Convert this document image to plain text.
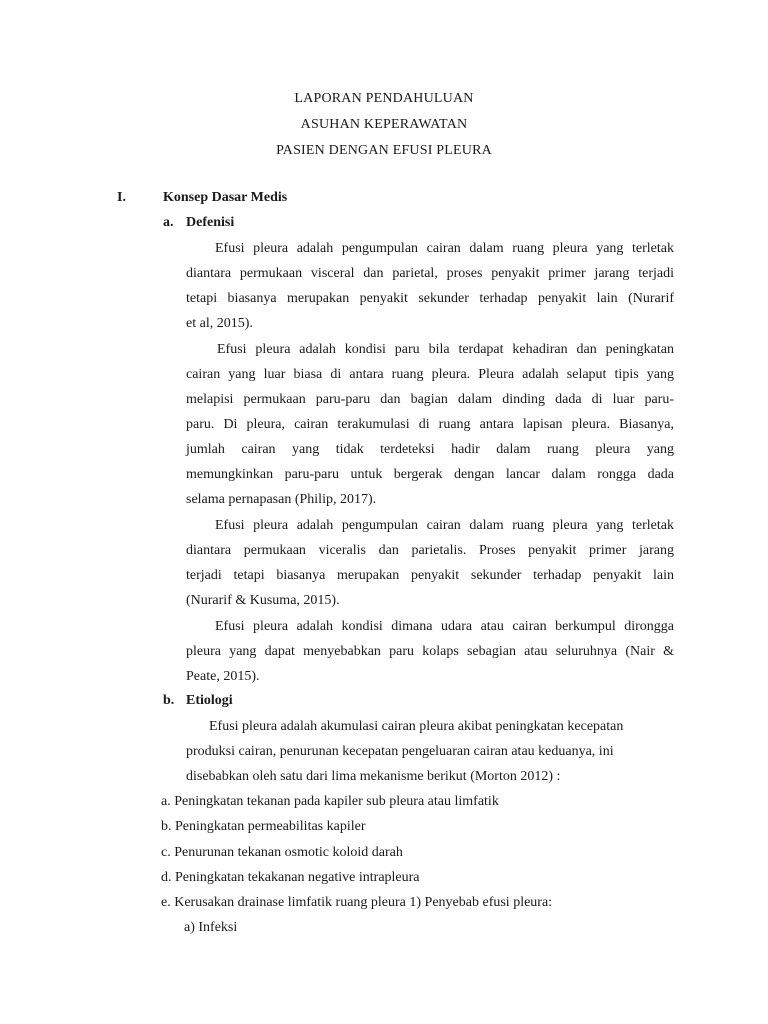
LAPORAN PENDAHULUAN
ASUHAN KEPERAWATAN
PASIEN DENGAN EFUSI PLEURA
I.	Konsep Dasar Medis
a. Defenisi
Efusi pleura adalah pengumpulan cairan dalam ruang pleura yang terletak
diantara permukaan visceral dan parietal, proses penyakit primer jarang terjadi
tetapi biasanya merupakan penyakit sekunder terhadap penyakit lain (Nurarif
et al, 2015).
Efusi pleura adalah kondisi paru bila terdapat kehadiran dan peningkatan
cairan yang luar biasa di antara ruang pleura. Pleura adalah selaput tipis yang
melapisi permukaan paru-paru dan bagian dalam dinding dada di luar paru-
paru. Di pleura, cairan terakumulasi di ruang antara lapisan pleura. Biasanya,
jumlah cairan yang tidak terdeteksi hadir dalam ruang pleura yang
memungkinkan paru-paru untuk bergerak dengan lancar dalam rongga dada
selama pernapasan (Philip, 2017).
Efusi pleura adalah pengumpulan cairan dalam ruang pleura yang terletak
diantara permukaan viceralis dan parietalis. Proses penyakit primer jarang
terjadi tetapi biasanya merupakan penyakit sekunder terhadap penyakit lain
(Nurarif & Kusuma, 2015).
Efusi pleura adalah kondisi dimana udara atau cairan berkumpul dirongga
pleura yang dapat menyebabkan paru kolaps sebagian atau seluruhnya (Nair &
Peate, 2015).
b. Etiologi
Efusi pleura adalah akumulasi cairan pleura akibat peningkatan kecepatan
produksi cairan, penurunan kecepatan pengeluaran cairan atau keduanya, ini
disebabkan oleh satu dari lima mekanisme berikut (Morton 2012) :
a. Peningkatan tekanan pada kapiler sub pleura atau limfatik
b. Peningkatan permeabilitas kapiler
c. Penurunan tekanan osmotic koloid darah
d. Peningkatan tekakanan negative intrapleura
e. Kerusakan drainase limfatik ruang pleura 1) Penyebab efusi pleura:
a) Infeksi
